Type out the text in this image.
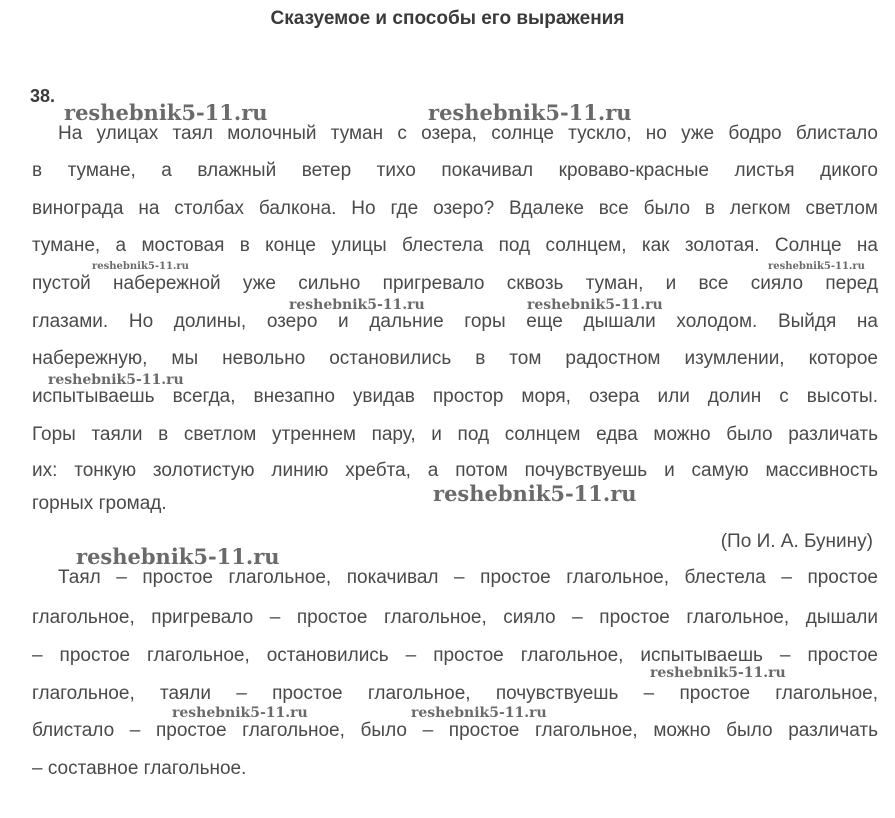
Сказуемое и способы его выражения
38.
На улицах таял молочный туман с озера, солнце тускло, но уже бодро блистало
в тумане, а влажный ветер тихо покачивал кроваво-красные листья дикого
винограда на столбах балкона. Но где озеро? Вдалеке все было в легком светлом
тумане, а мостовая в конце улицы блестела под солнцем, как золотая. Солнце на
пустой набережной уже сильно пригревало сквозь туман, и все сияло перед
глазами. Но долины, озеро и дальние горы еще дышали холодом. Выйдя на
набережную, мы невольно остановились в том радостном изумлении, которое
испытываешь всегда, внезапно увидав простор моря, озера или долин с высоты.
Горы таяли в светлом утреннем пару, и под солнцем едва можно было различать
их: тонкую золотистую линию хребта, а потом почувствуешь и самую массивность
горных громад.
(По И. А. Бунину)
Таял – простое глагольное, покачивал – простое глагольное, блестела – простое
глагольное, пригревало – простое глагольное, сияло – простое глагольное, дышали
– простое глагольное, остановились – простое глагольное, испытываешь – простое
глагольное, таяли – простое глагольное, почувствуешь – простое глагольное,
блистало – простое глагольное, было – простое глагольное, можно было различать
– составное глагольное.
reshebnik5-11.ru	reshebnik5-11.ru
reshebnik5-11.ru	reshebnik5-11.ru
reshebnik5-11.ru	reshebnik5-11.ru
reshebnik5-11.ru
reshebnik5-11.ru
reshebnik5-11.ru
reshebnik5-11.ru
reshebnik5-11.ru	reshebnik5-11.ru
